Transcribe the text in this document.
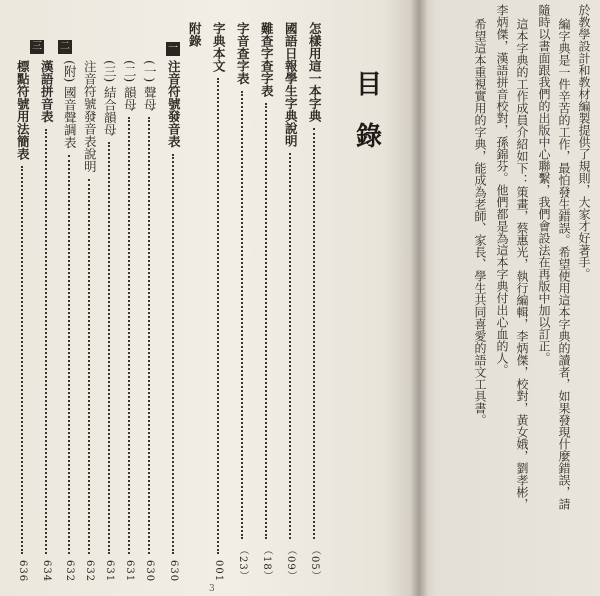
目
錄
怎樣用這一本字典
（05）
國語日報學生字典說明
（09）
難查字查字表
（18）
字音查字表
（23）
字典本文
001
附錄
一
注音符號發音表
630
(一) 聲母
630
(二) 韻母
631
(三) 結合韻母
631
注音符號發音表說明
632
(附) 國音聲調表
632
二
漢語拼音表
634
三
標點符號用法簡表
636
3
於教學設計和教材編製提供了規則，大家才好著手。
編字典是一件辛苦的工作，最怕發生錯誤。希望使用這本字典的讀者，如果發現什麼錯誤，請
隨時以書面跟我們的出版中心聯繫，我們會設法在再版中加以訂正。
這本字典的工作成員介紹如下：策畫，蔡惠光，執行編輯，李炳傑，校對，黃女娥，劉孝彬，
李炳傑，漢語拼音校對，孫錦芬。他們都是為這本字典付出心血的人。
希望這本重視實用的字典，能成為老師、家長、學生共同喜愛的語文工具書。
